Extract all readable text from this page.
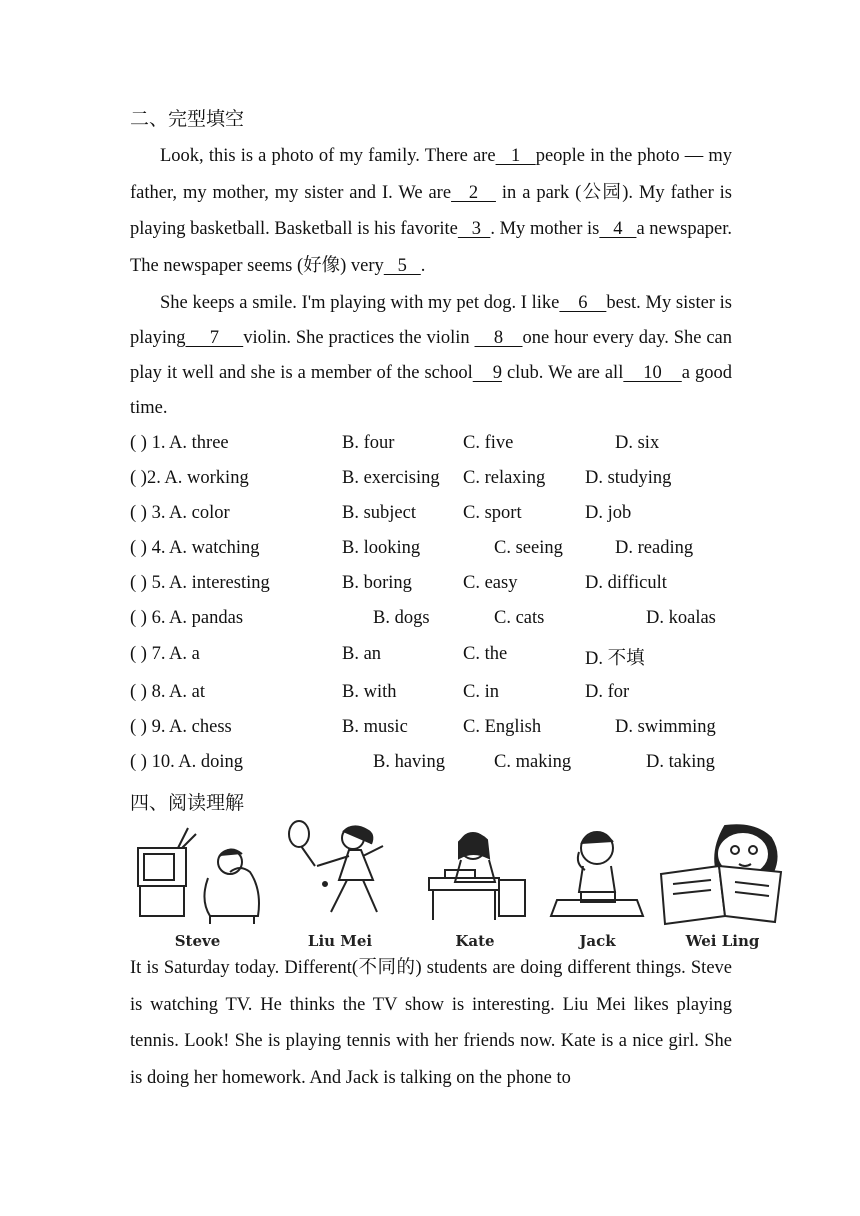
二、完型填空

Look, this is a photo of my family. There are   1   people in the photo — my father, my mother, my sister and I. We are   2    in a park (公园). My father is playing basketball. Basketball is his favorite   3  . My mother is   4   a newspaper. The newspaper seems (好像) very   5   .

She keeps a smile. I'm playing with my pet dog. I like    6    best. My sister is playing     7     violin. She practices the violin     8    one hour every day. She can play it well and she is a member of the school    9 club. We are all    10    a good time.

( ) 1. A. three	B. four	C. five	D. six
( )2. A. working	B. exercising C. relaxing D. studying
( ) 3. A. color	B. subject	C. sport	D. job
( ) 4. A. watching	B. looking	C. seeing	D. reading
( ) 5. A. interesting	B. boring	C. easy	D. difficult
( ) 6. A. pandas	B. dogs	C. cats	D. koalas
( ) 7. A. a	B. an	C. the	D. 不填
( ) 8. A. at	B. with	C. in	D. for
( ) 9. A. chess	B. music	C. English	D. swimming
( ) 10. A. doing	B. having	C. making	D. taking
四、阅读理解
Steve	Liu Mei	Kate	Jack	Wei Ling

It is Saturday today. Different(不同的) students are doing different things. Steve is watching TV. He thinks the TV show is interesting. Liu Mei likes playing tennis. Look! She is playing tennis with her friends now. Kate is a nice girl. She is doing her homework. And Jack is talking on the phone to
